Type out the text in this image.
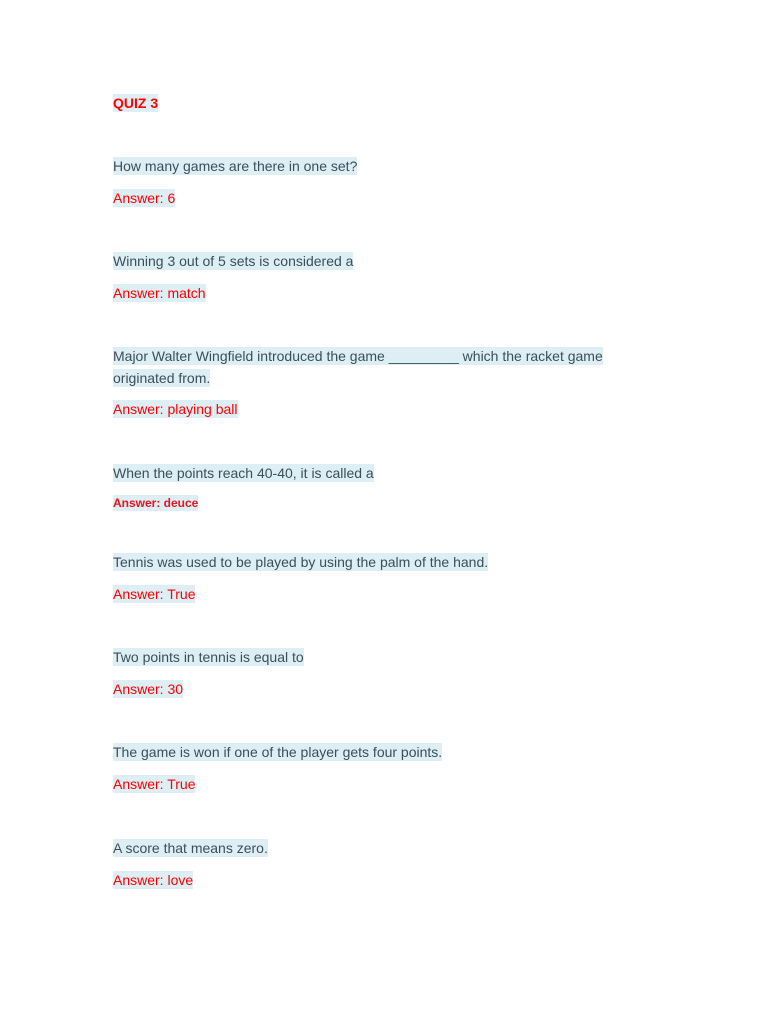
QUIZ 3

How many games are there in one set?

Answer: 6

Winning 3 out of 5 sets is considered a

Answer: match

Major Walter Wingfield introduced the game _________ which the racket game

originated from.

Answer: playing ball

When the points reach 40-40, it is called a

Answer: deuce

Tennis was used to be played by using the palm of the hand.

Answer: True

Two points in tennis is equal to

Answer: 30

The game is won if one of the player gets four points.

Answer: True

A score that means zero.

Answer: love
